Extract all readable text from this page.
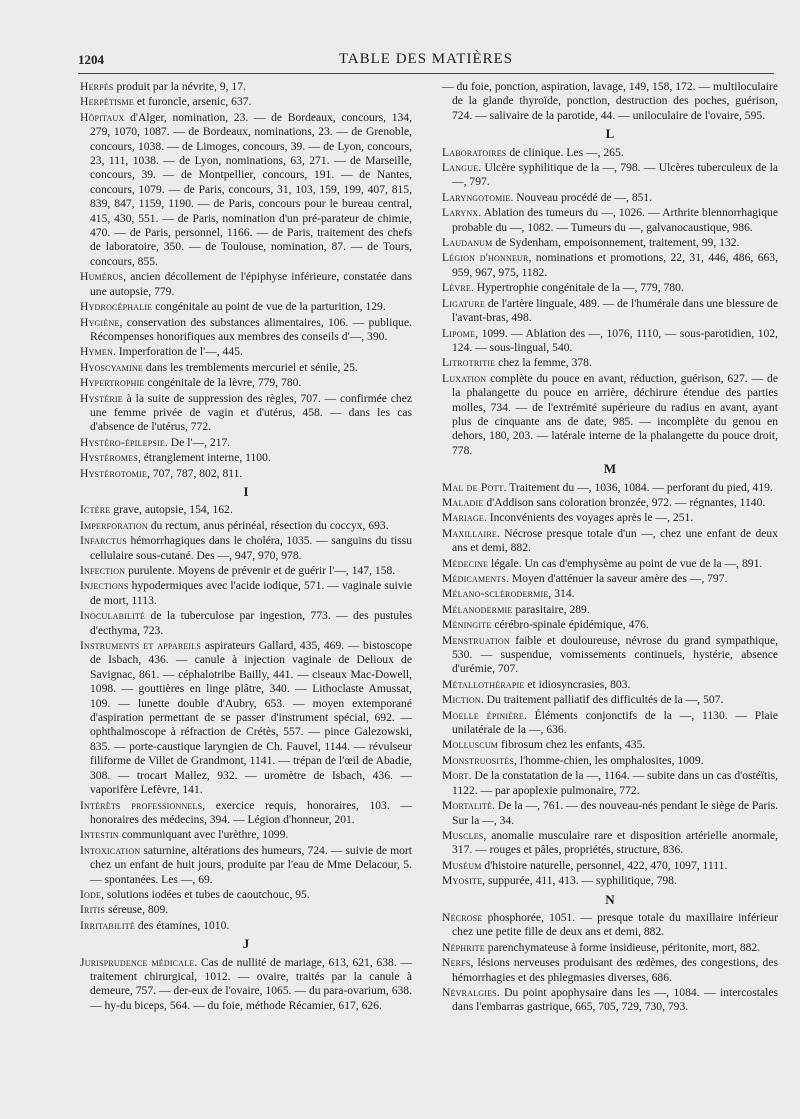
1204	TABLE DES MATIÈRES
Herpès produit par la névrite, 9, 17.
Herpétisme et furoncle, arsenic, 637.
Hôpitaux d'Alger, nomination, 23. — de Bordeaux, concours, 134, 279, 1070, 1087. — de Bordeaux, nominations, 23. — de Grenoble, concours, 1038. — de Limoges, concours, 39. — de Lyon, concours, 23, 111, 1038. — de Lyon, nominations, 63, 271. — de Marseille, concours, 39. — de Montpellier, concours, 191. — de Nantes, concours, 1079. — de Paris, concours, 31, 103, 159, 199, 407, 815, 839, 847, 1159, 1190. — de Paris, concours pour le bureau central, 415, 430, 551. — de Paris, nomination d'un pré-parateur de chimie, 470. — de Paris, personnel, 1166. — de Paris, traitement des chefs de laboratoire, 350. — de Toulouse, nomination, 87. — de Tours, concours, 855.
Humérus, ancien décollement de l'épiphyse inférieure, constatée dans une autopsie, 779.
Hydrocéphalie congénitale au point de vue de la parturition, 129.
Hygiène, conservation des substances alimentaires, 106. — publique. Récompenses honorifiques aux membres des conseils d'—, 390.
Hymen. Imperforation de l'—, 445.
Hyoscyamine dans les tremblements mercuriel et sénile, 25.
Hypertrophie congénitale de la lèvre, 779, 780.
Hystérie à la suite de suppression des règles, 707. — confirmée chez une femme privée de vagin et d'utérus, 458. — dans les cas d'absence de l'utérus, 772.
Hystéro-épilepsie. De l'—, 217.
Hystéromes, étranglement interne, 1100.
Hystérotomie, 707, 787, 802, 811.
I
Ictère grave, autopsie, 154, 162.
Imperforation du rectum, anus périnéal, résection du coccyx, 693.
Infarctus hémorrhagiques dans le choléra, 1035. — sanguins du tissu cellulaire sous-cutané. Des —, 947, 970, 978.
Infection purulente. Moyens de prévenir et de guérir l'—, 147, 158.
Injections hypodermiques avec l'acide iodique, 571. — vaginale suivie de mort, 1113.
Inoculabilité de la tuberculose par ingestion, 773. — des pustules d'ecthyma, 723.
Instruments et appareils aspirateurs Gallard, 435, 469. — bistoscope de Isbach, 436. — canule à injection vaginale de Delioux de Savignac, 861. — céphalotribe Bailly, 441. — ciseaux Mac-Dowell, 1098. — gouttières en linge plâtre, 340. — Lithoclaste Amussat, 109. — lunette double d'Aubry, 653. — moyen extemporané d'aspiration permettant de se passer d'instrument spécial, 692. — ophthalmoscope à réfraction de Crétès, 557. — pince Galezowski, 835. — porte-caustique laryngien de Ch. Fauvel, 1144. — révulseur filiforme de Villet de Grandmont, 1141. — trépan de l'œil de Abadie, 308. — trocart Mallez, 932. — uromètre de Isbach, 436. — vaporifère Lefèvre, 141.
Intérêts professionnels, exercice requis, honoraires, 103. — honoraires des médecins, 394. — Légion d'honneur, 201.
Intestin communiquant avec l'urèthre, 1099.
Intoxication saturnine, altérations des humeurs, 724. — suivie de mort chez un enfant de huit jours, produite par l'eau de Mme Delacour, 5. — spontanées. Les —, 69.
Iode, solutions iodées et tubes de caoutchouc, 95.
Iritis séreuse, 809.
Irritabilité des étamines, 1010.
J
Jurisprudence médicale. Cas de nullité de mariage, 613, 621, 638. — traitement chirurgical, 1012. — ovaire, traités par la canule à demeure, 757. — der-eux de l'ovaire, 1065. — du para-ovarium, 638. — hy-du biceps, 564. — du foie, méthode Récamier, 617, 626.
— du foie, ponction, aspiration, lavage, 149, 158, 172. — multiloculaire de la glande thyroïde, ponction, destruction des poches, guérison, 724. — salivaire de la parotide, 44. — uniloculaire de l'ovaire, 595.
L
Laboratoires de clinique. Les —, 265.
Langue. Ulcère syphilitique de la —, 798. — Ulcères tuberculeux de la —, 797.
Laryngotomie. Nouveau procédé de —, 851.
Larynx. Ablation des tumeurs du —, 1026. — Arthrite blennorrhagique probable du —, 1082. — Tumeurs du —, galvanocaustique, 986.
Laudanum de Sydenham, empoisonnement, traitement, 99, 132.
Légion d'honneur, nominations et promotions, 22, 31, 446, 486, 663, 959, 967, 975, 1182.
Lèvre. Hypertrophie congénitale de la —, 779, 780.
Ligature de l'artère linguale, 489. — de l'humérale dans une blessure de l'avant-bras, 498.
Lipome, 1099. — Ablation des —, 1076, 1110, — sous-parotidien, 102, 124. — sous-lingual, 540.
Litrotritie chez la femme, 378.
Luxation complète du pouce en avant, réduction, guérison, 627. — de la phalangette du pouce en arrière, déchirure étendue des parties molles, 734. — de l'extrémité supérieure du radius en avant, ayant plus de cinquante ans de date, 985. — incomplète du genou en dehors, 180, 203. — latérale interne de la phalangette du pouce droit, 778.
M
Mal de Pott. Traitement du —, 1036, 1084. — perforant du pied, 419.
Maladie d'Addison sans coloration bronzée, 972. — régnantes, 1140.
Mariage. Inconvénients des voyages après le —, 251.
Maxillaire. Nécrose presque totale d'un —, chez une enfant de deux ans et demi, 882.
Médecine légale. Un cas d'emphysème au point de vue de la —, 891.
Médicaments. Moyen d'atténuer la saveur amère des —, 797.
Mélano-sclérodermie, 314.
Mélanodermie parasitaire, 289.
Méningite cérébro-spinale épidémique, 476.
Menstruation faible et douloureuse, névrose du grand sympathique, 530. — suspendue, vomissements continuels, hystérie, absence d'urémie, 707.
Métallothérapie et idiosyncrasies, 803.
Miction. Du traitement palliatif des difficultés de la —, 507.
Moelle épinière. Éléments conjonctifs de la —, 1130. — Plaie unilatérale de la —, 636.
Molluscum fibrosum chez les enfants, 435.
Monstruosités, l'homme-chien, les omphalosites, 1009.
Mort. De la constatation de la —, 1164. — subite dans un cas d'ostéïtis, 1122. — par apoplexie pulmonaire, 772.
Mortalité. De la —, 761. — des nouveau-nés pendant le siège de Paris. Sur la —, 34.
Muscles, anomalie musculaire rare et disposition artérielle anormale, 317. — rouges et pâles, propriétés, structure, 836.
Muséum d'histoire naturelle, personnel, 422, 470, 1097, 1111.
Myosite, suppurée, 411, 413. — syphilitique, 798.
N
Nécrose phosphorée, 1051. — presque totale du maxillaire inférieur chez une petite fille de deux ans et demi, 882.
Néphrite parenchymateuse à forme insidieuse, péritonite, mort, 882.
Nerfs, lésions nerveuses produisant des œdèmes, des congestions, des hémorrhagies et des phlegmasies diverses, 686.
Névralgies. Du point apophysaire dans les —, 1084. — intercostales dans l'embarras gastrique, 665, 705, 729, 730, 793.
